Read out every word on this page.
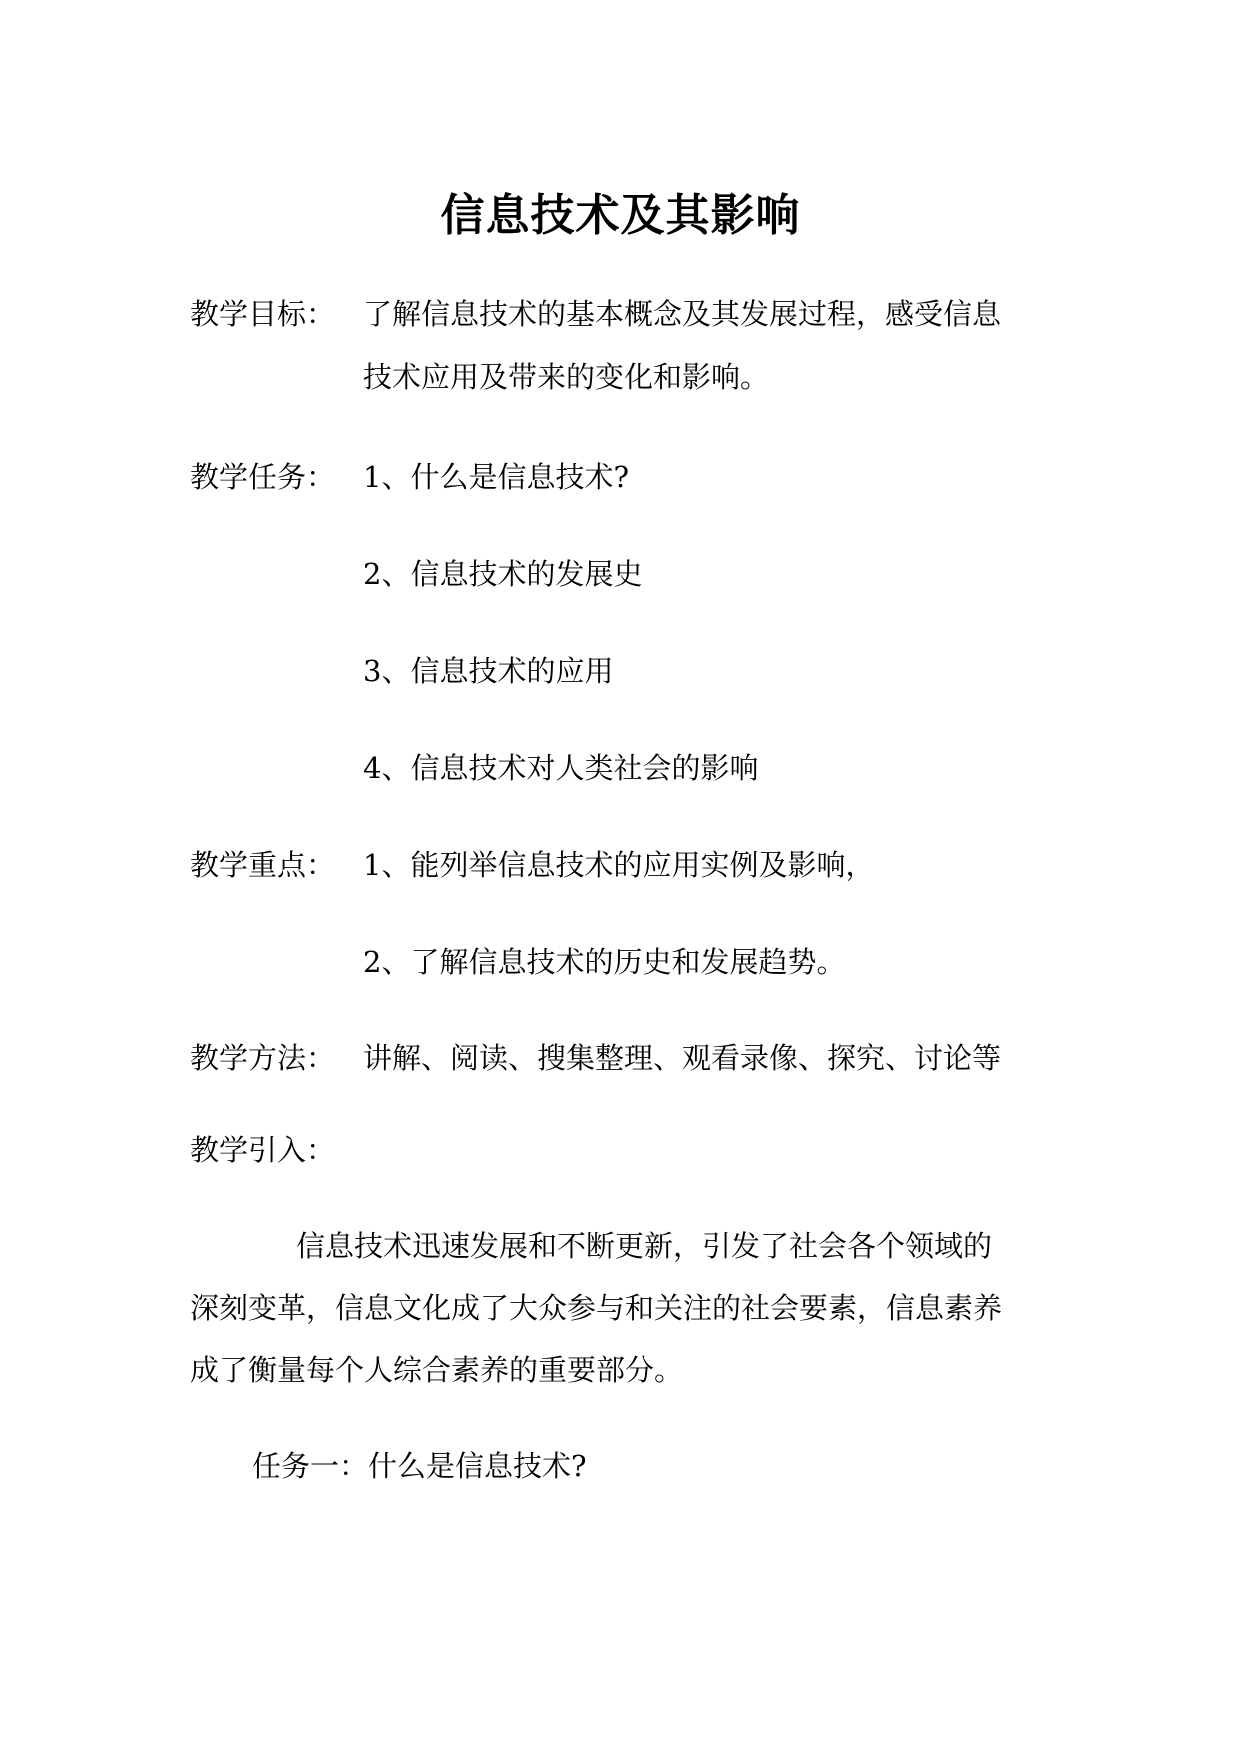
信息技术及其影响
教学目标： 了解信息技术的基本概念及其发展过程，感受信息
技术应用及带来的变化和影响。
教学任务： 1、什么是信息技术?
2、信息技术的发展史
3、信息技术的应用
4、信息技术对人类社会的影响
教学重点： 1、能列举信息技术的应用实例及影响，
2、了解信息技术的历史和发展趋势。
教学方法： 讲解、阅读、搜集整理、观看录像、探究、讨论等
教学引入：
信息技术迅速发展和不断更新，引发了社会各个领域的
深刻变革，信息文化成了大众参与和关注的社会要素，信息素养
成了衡量每个人综合素养的重要部分。
任务一：什么是信息技术?
